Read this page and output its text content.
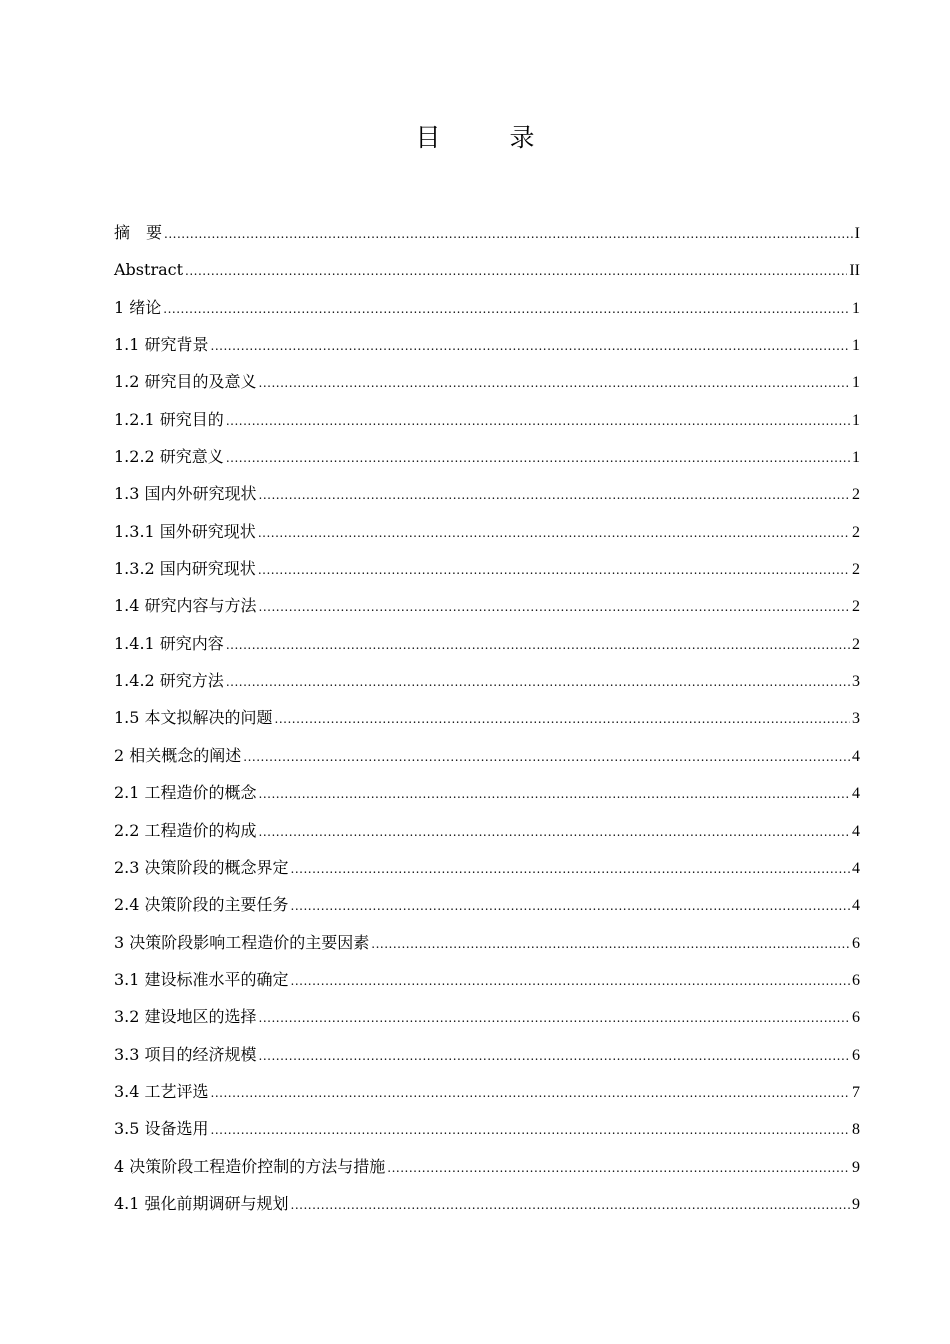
目　录
摘　要 .....	I
Abstract .....	II
1 绪论 .....	1
1.1 研究背景 .....	1
1.2 研究目的及意义 .....	1
1.2.1 研究目的 .....	1
1.2.2 研究意义 .....	1
1.3 国内外研究现状 .....	2
1.3.1 国外研究现状 .....	2
1.3.2 国内研究现状 .....	2
1.4 研究内容与方法 .....	2
1.4.1 研究内容 .....	2
1.4.2 研究方法 .....	3
1.5 本文拟解决的问题 .....	3
2 相关概念的阐述 .....	4
2.1 工程造价的概念 .....	4
2.2 工程造价的构成 .....	4
2.3 决策阶段的概念界定 .....	4
2.4 决策阶段的主要任务 .....	4
3 决策阶段影响工程造价的主要因素 .....	6
3.1 建设标准水平的确定 .....	6
3.2 建设地区的选择 .....	6
3.3 项目的经济规模 .....	6
3.4 工艺评选 .....	7
3.5 设备选用 .....	8
4 决策阶段工程造价控制的方法与措施 .....	9
4.1 强化前期调研与规划 .....	9
